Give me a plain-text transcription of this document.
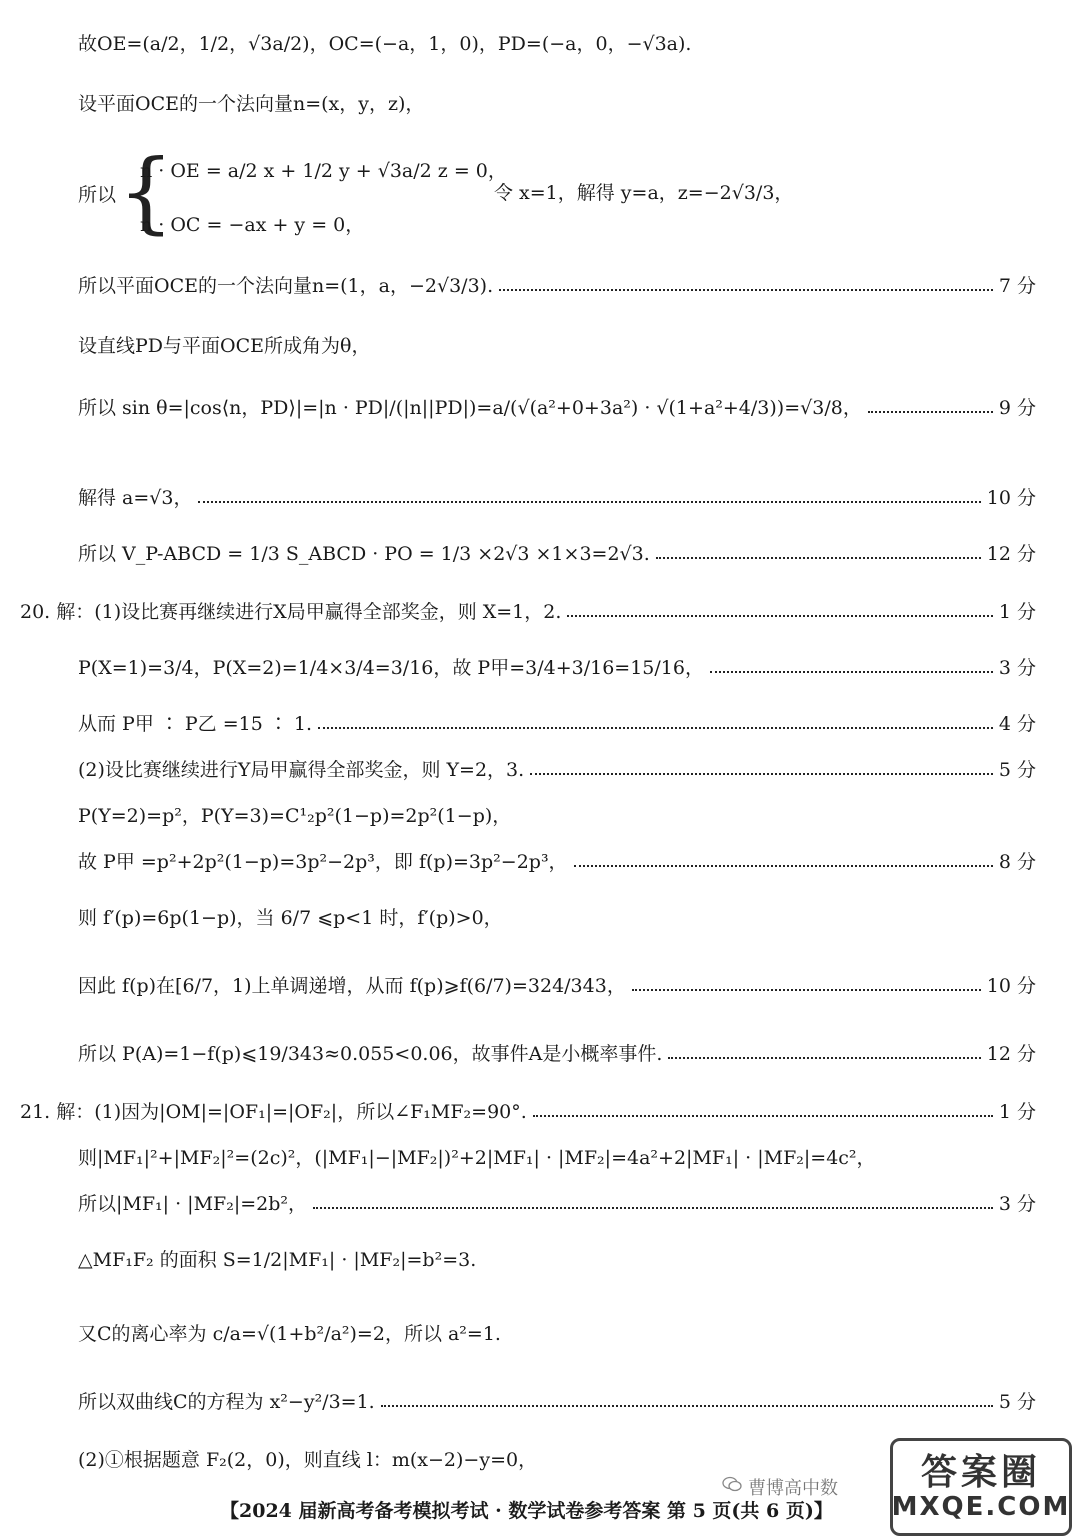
故OE=(a/2，1/2，√3a/2)，OC=(−a，1，0)，PD=(−a，0，−√3a).
设平面OCE的一个法向量n=(x，y，z)，
所以 {
n · OE = a/2 x + 1/2 y + √3a/2 z = 0，
n · OC = −ax + y = 0，
令 x=1，解得 y=a，z=−2√3/3，
所以平面OCE的一个法向量n=(1，a，−2√3/3).	7 分
设直线PD与平面OCE所成角为θ，
所以 sin θ=|cos⟨n，PD⟩|=|n · PD|/(|n||PD|)=a/(√(a²+0+3a²) · √(1+a²+4/3))=√3/8，	9 分
解得 a=√3，	10 分
所以 V_P-ABCD = 1/3 S_ABCD · PO = 1/3 ×2√3 ×1×3=2√3.	12 分
20. 解：(1)设比赛再继续进行X局甲赢得全部奖金，则 X=1，2.	1 分
P(X=1)=3/4，P(X=2)=1/4×3/4=3/16，故 P甲=3/4+3/16=15/16，	3 分
从而 P甲 ∶ P乙 =15 ∶ 1.	4 分
(2)设比赛继续进行Y局甲赢得全部奖金，则 Y=2，3.	5 分
P(Y=2)=p²，P(Y=3)=C¹₂p²(1−p)=2p²(1−p)，
故 P甲 =p²+2p²(1−p)=3p²−2p³，即 f(p)=3p²−2p³，	8 分
则 f′(p)=6p(1−p)，当 6/7 ⩽p<1 时，f′(p)>0，
因此 f(p)在[6/7，1)上单调递增，从而 f(p)⩾f(6/7)=324/343，	10 分
所以 P(A)=1−f(p)⩽19/343≈0.055<0.06，故事件A是小概率事件.	12 分
21. 解：(1)因为|OM|=|OF₁|=|OF₂|，所以∠F₁MF₂=90°.	1 分
则|MF₁|²+|MF₂|²=(2c)²，(|MF₁|−|MF₂|)²+2|MF₁| · |MF₂|=4a²+2|MF₁| · |MF₂|=4c²，
所以|MF₁| · |MF₂|=2b²，	3 分
△MF₁F₂ 的面积 S=1/2|MF₁| · |MF₂|=b²=3.
又C的离心率为 c/a=√(1+b²/a²)=2，所以 a²=1.
所以双曲线C的方程为 x²−y²/3=1.	5 分
(2)①根据题意 F₂(2，0)，则直线 l：m(x−2)−y=0，
曹博高中数
【2024 届新高考备考模拟考试 · 数学试卷参考答案 第 5 页(共 6 页)】
答案圈
MXQE.COM
